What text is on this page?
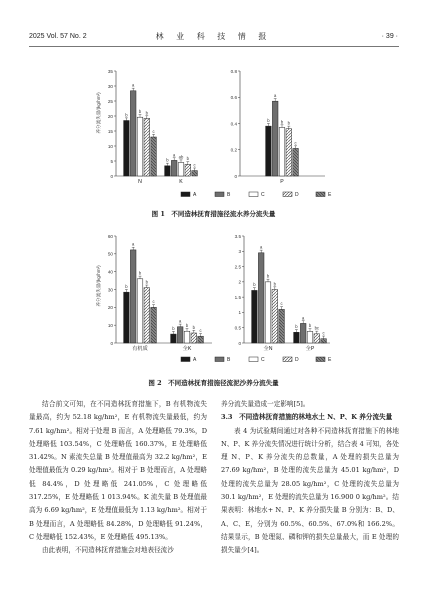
2025 Vol. 57 No. 2	林 业 科 技 情 报	· 39 ·
养分流失量/(kg/hm²)
0
5
10
15
20
25
30
35
b
a
b b
c
N
b
a ab b
c
K
0
0.2
0.4
0.6
0.8
b
a
b b
c
P
A	B	C	D	E
图 1　不同造林抚育措施径流水养分流失量
养分流失量/(kg/hm²)
0
10
20
30
40
50
60
b
a
b
b
c
有机质
b
a
b b
c
全K
0
0.5
1
1.5
2
2.5
3
3.5
b
a
b
b
c
全N
b
a
b bc
c
全P
A	B	C	D	E
图 2　不同造林抚育措施径流泥沙养分流失量

结合前文可知，在不同造林抚育措施下，B 有机物流失量最高，约为 52.18 kg/hm²，E 有机物流失量最低，约为 7.61 kg/hm²。相对于处理 B 而言，A 处理略低 79.3%，D 处理略低 103.54%，C 处理略低 160.37%，E 处理略低 31.42%。N 素流失总量 B 处理值最高为 32.2 kg/hm²，E 处理值最低为 0.29 kg/hm²。相对于 B 处理而言，A 处理略低 84.4%，D 处理略低 241.05%，C 处理略低 317.25%，E 处理略低 1 013.94%。K 流失量 B 处理值最高为 6.69 kg/hm²，E 处理值最低为 1.13 kg/hm²。相对于 B 处理而言，A 处理略低 84.28%，D 处理略低 91.24%，C 处理略低 152.43%，E 处理略低 495.13%。

由此表明，不同造林抚育措施会对地表径流沙

养分流失量造成一定影响[5]。

3.3　不同造林抚育措施的林地水土 N、P、K 养分流失量

表 4 为试验期间通过对各种不同造林抚育措施下的林地 N、P、K 养分流失情况进行统计分析，结合表 4 可知，各处理 N、P、K 养分流失的总数量，A 处理的损失总量为 27.69 kg/hm²，B 处理的流失总量为 45.01 kg/hm²，D 处理的流失总量为 28.05 kg/hm²，C 处理的流失总量为 30.1 kg/hm²，E 处理的流失总量为 16.900 0 kg/hm²。结果表明：林地水+ N、P、K 养分损失量 B 分别为：B、D、A、C、E，分别为 60.5%、60.5%、67.0%和 166.2%。结果显示，B 处理氮、磷和钾的损失总量最大，而 E 处理的损失量少[4]。
